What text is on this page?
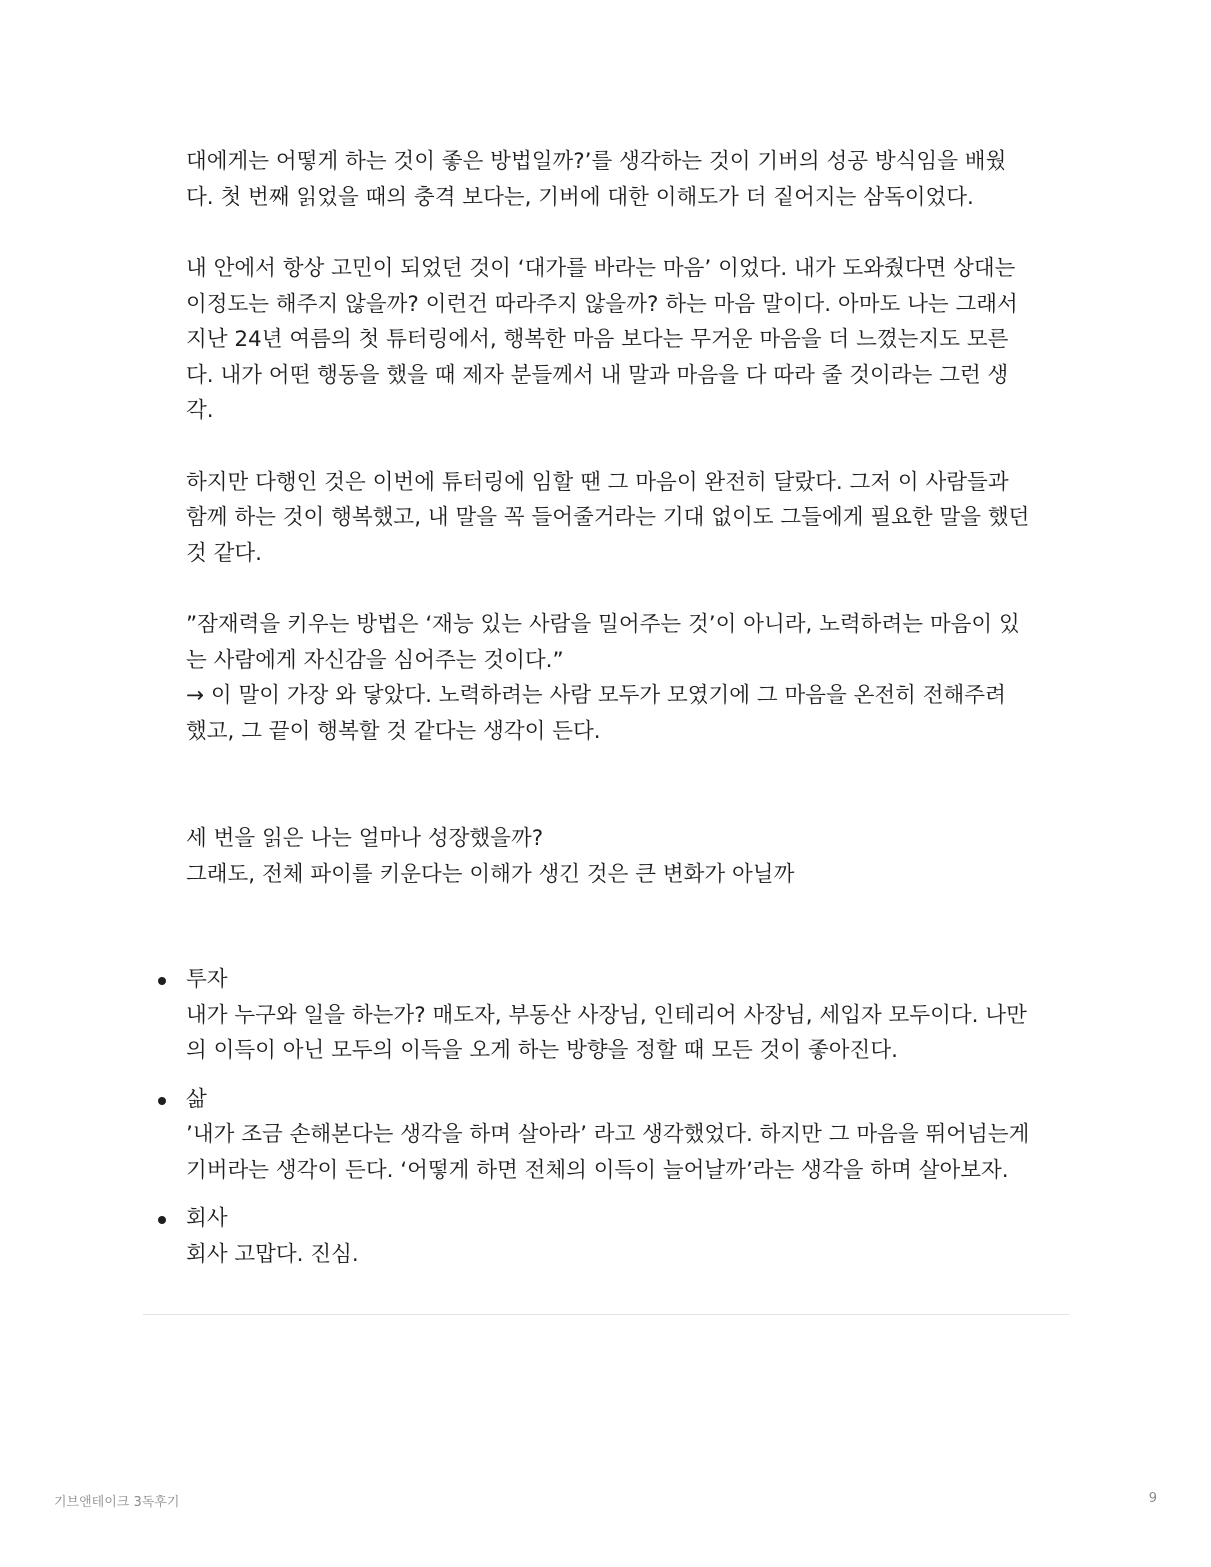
대에게는 어떻게 하는 것이 좋은 방법일까?’를 생각하는 것이 기버의 성공 방식임을 배웠
다. 첫 번째 읽었을 때의 충격 보다는, 기버에 대한 이해도가 더 짙어지는 삼독이었다.

내 안에서 항상 고민이 되었던 것이 ‘대가를 바라는 마음’ 이었다. 내가 도와줬다면 상대는
이정도는 해주지 않을까? 이런건 따라주지 않을까? 하는 마음 말이다. 아마도 나는 그래서
지난 24년 여름의 첫 튜터링에서, 행복한 마음 보다는 무거운 마음을 더 느꼈는지도 모른
다. 내가 어떤 행동을 했을 때 제자 분들께서 내 말과 마음을 다 따라 줄 것이라는 그런 생
각.

하지만 다행인 것은 이번에 튜터링에 임할 땐 그 마음이 완전히 달랐다. 그저 이 사람들과
함께 하는 것이 행복했고, 내 말을 꼭 들어줄거라는 기대 없이도 그들에게 필요한 말을 했던
것 같다.

”잠재력을 키우는 방법은 ‘재능 있는 사람을 밀어주는 것’이 아니라, 노력하려는 마음이 있
는 사람에게 자신감을 심어주는 것이다.”
→ 이 말이 가장 와 닿았다. 노력하려는 사람 모두가 모였기에 그 마음을 온전히 전해주려
했고, 그 끝이 행복할 것 같다는 생각이 든다.

세 번을 읽은 나는 얼마나 성장했을까?
그래도, 전체 파이를 키운다는 이해가 생긴 것은 큰 변화가 아닐까

투자

내가 누구와 일을 하는가? 매도자, 부동산 사장님, 인테리어 사장님, 세입자 모두이다. 나만
의 이득이 아닌 모두의 이득을 오게 하는 방향을 정할 때 모든 것이 좋아진다.

삶

’내가 조금 손해본다는 생각을 하며 살아라’ 라고 생각했었다. 하지만 그 마음을 뛰어넘는게
기버라는 생각이 든다. ‘어떻게 하면 전체의 이득이 늘어날까’라는 생각을 하며 살아보자.

회사

회사 고맙다. 진심.

기브앤테이크 3독후기	9
